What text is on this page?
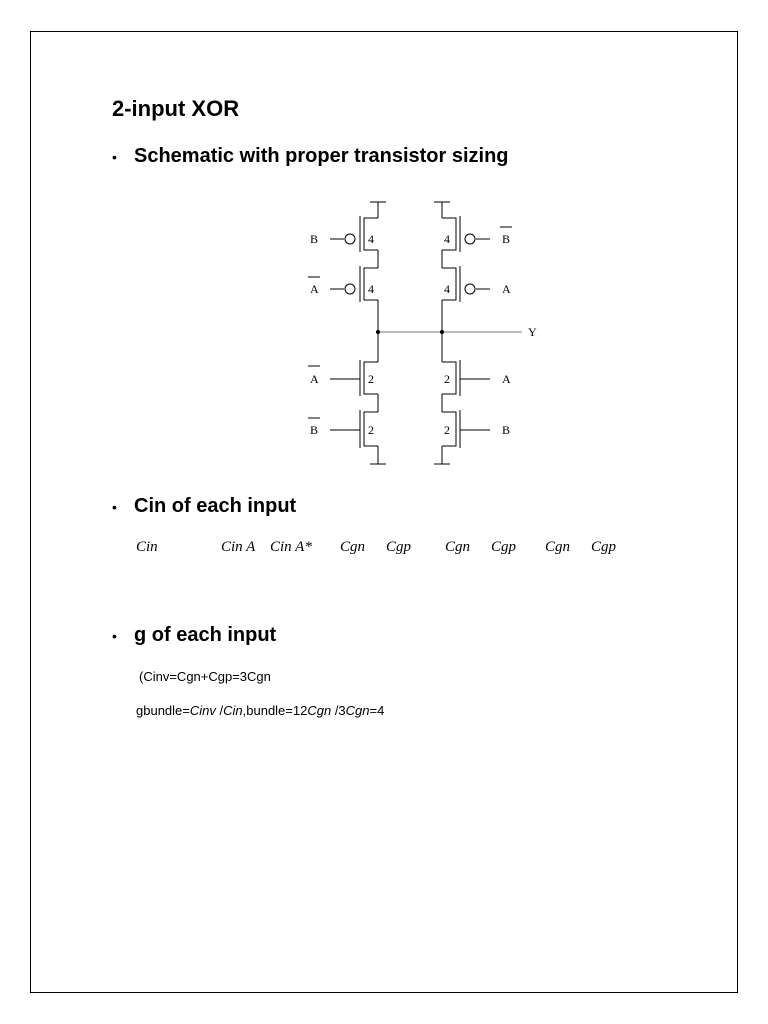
2-input XOR
• Schematic with proper transistor sizing
B
A
A
B
4
4
2
2
4
4
2
2
B
A
A
B
Y
• Cin of each input
Cin	Cin A Cin A* Cgn Cgp Cgn Cgp Cgn Cgp
• g of each input
(Cinv=Cgn+Cgp=3Cgn
gbundle=Cinv /Cin,bundle=12Cgn /3Cgn=4
